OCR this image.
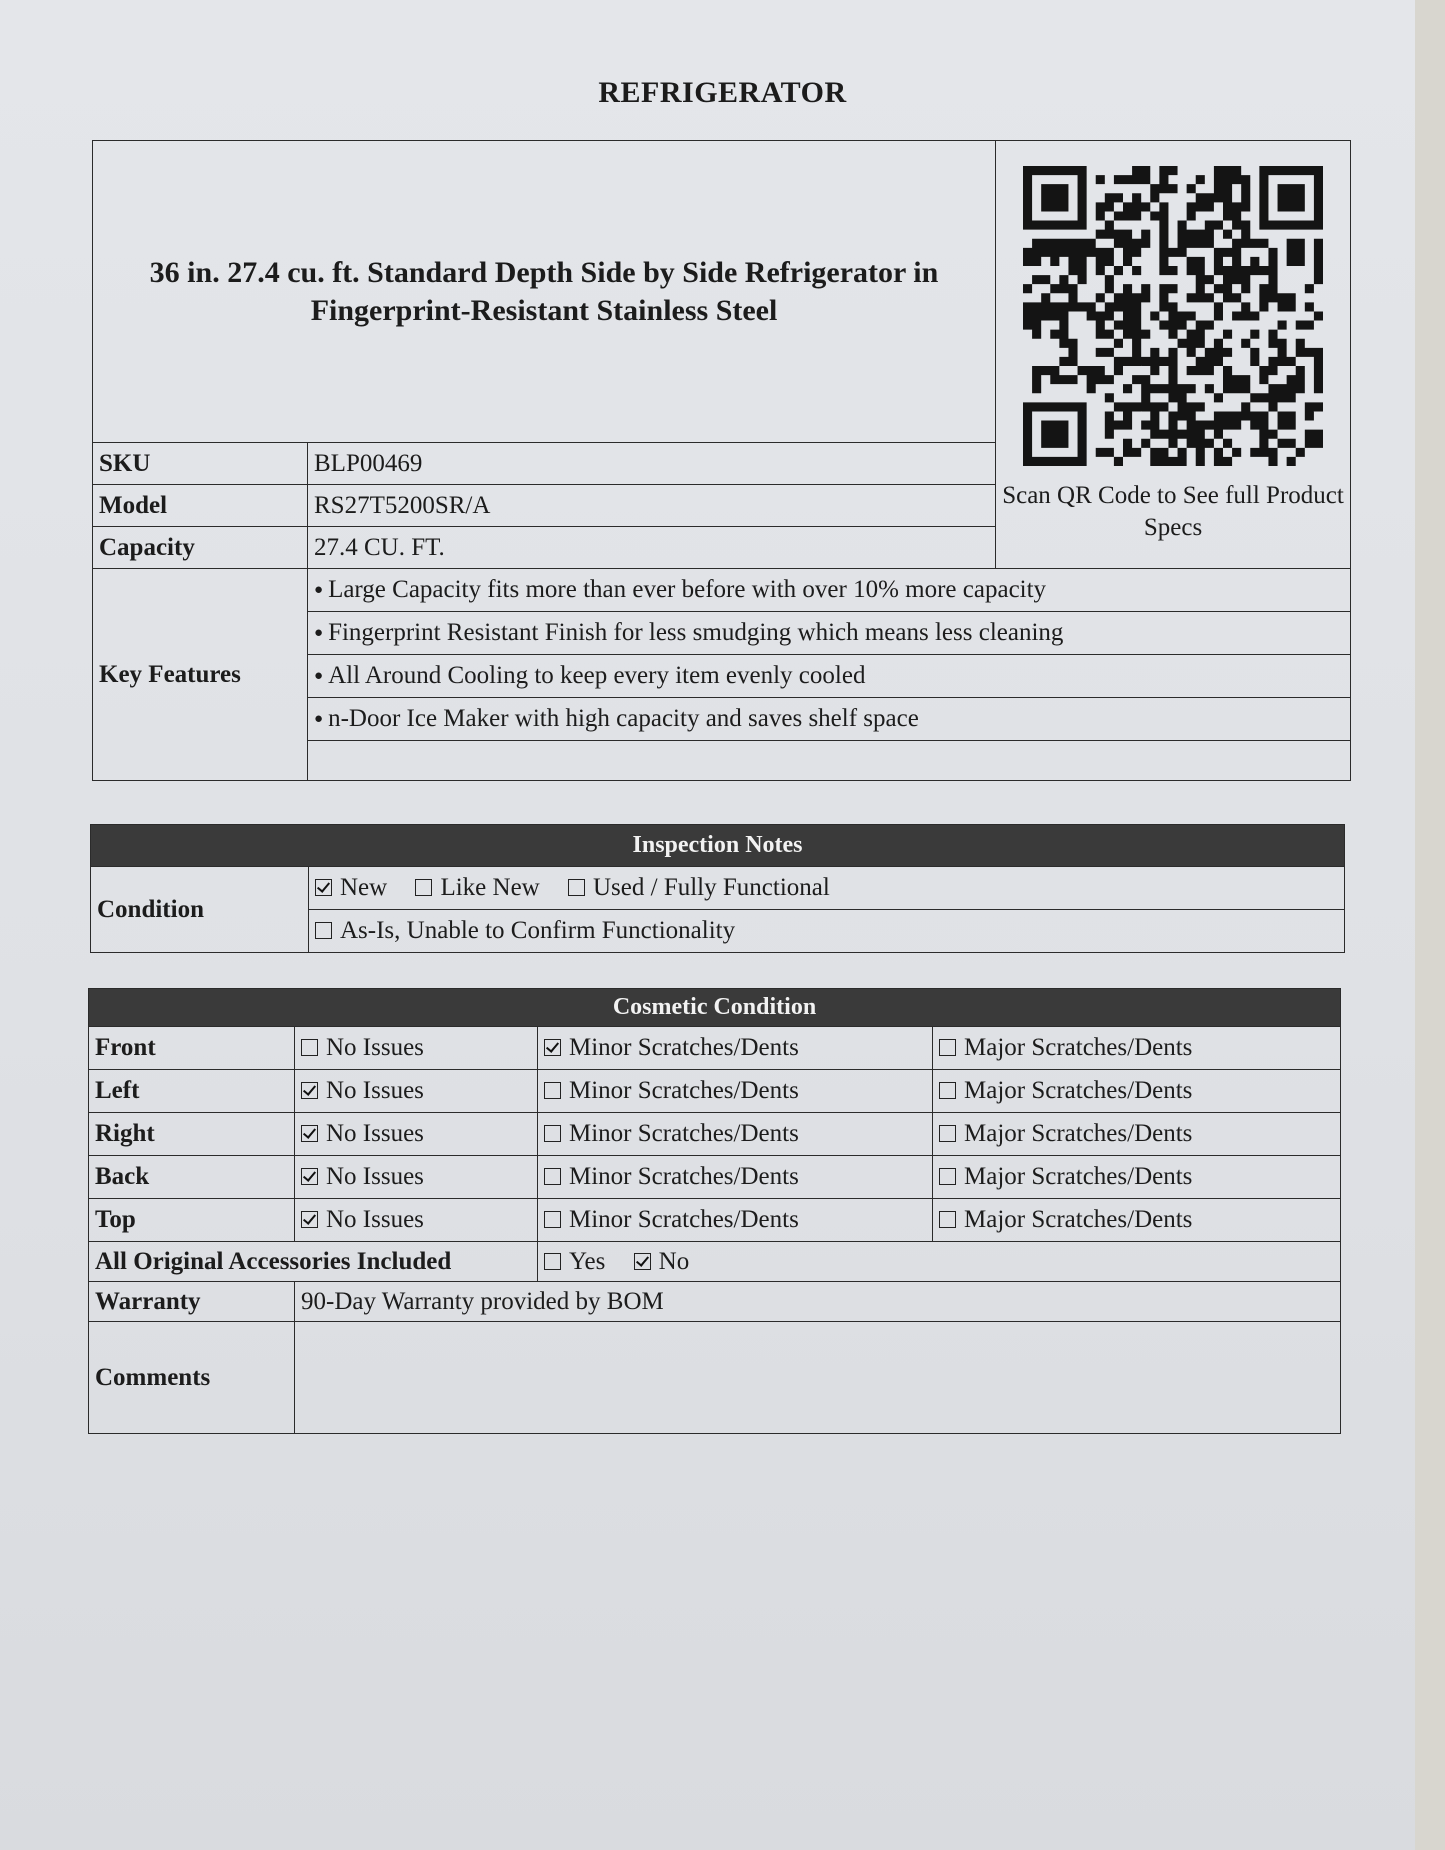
REFRIGERATOR
36 in. 27.4 cu. ft. Standard Depth Side by Side Refrigerator in Fingerprint-Resistant Stainless Steel		Scan QR Code to See full Product Specs

SKU	BLP00469	
Model	RS27T5200SR/A	
Capacity	27.4 CU. FT.	
Key Features	● Large Capacity fits more than ever before with over 10% more capacity
	● Fingerprint Resistant Finish for less smudging which means less cleaning
	● All Around Cooling to keep every item evenly cooled
	● n-Door Ice Maker with high capacity and saves shelf space

Inspection Notes
Condition	New Like New Used / Fully Functional
As-Is, Unable to Confirm Functionality
Cosmetic Condition			
Front	No Issues	Minor Scratches/Dents	Major Scratches/Dents
Left	No Issues	Minor Scratches/Dents	Major Scratches/Dents
Right	No Issues	Minor Scratches/Dents	Major Scratches/Dents
Back	No Issues	Minor Scratches/Dents	Major Scratches/Dents
Top	No Issues	Minor Scratches/Dents	Major Scratches/Dents
All Original Accessories Included		Yes No	
Warranty	90-Day Warranty provided by BOM		
Comments			
